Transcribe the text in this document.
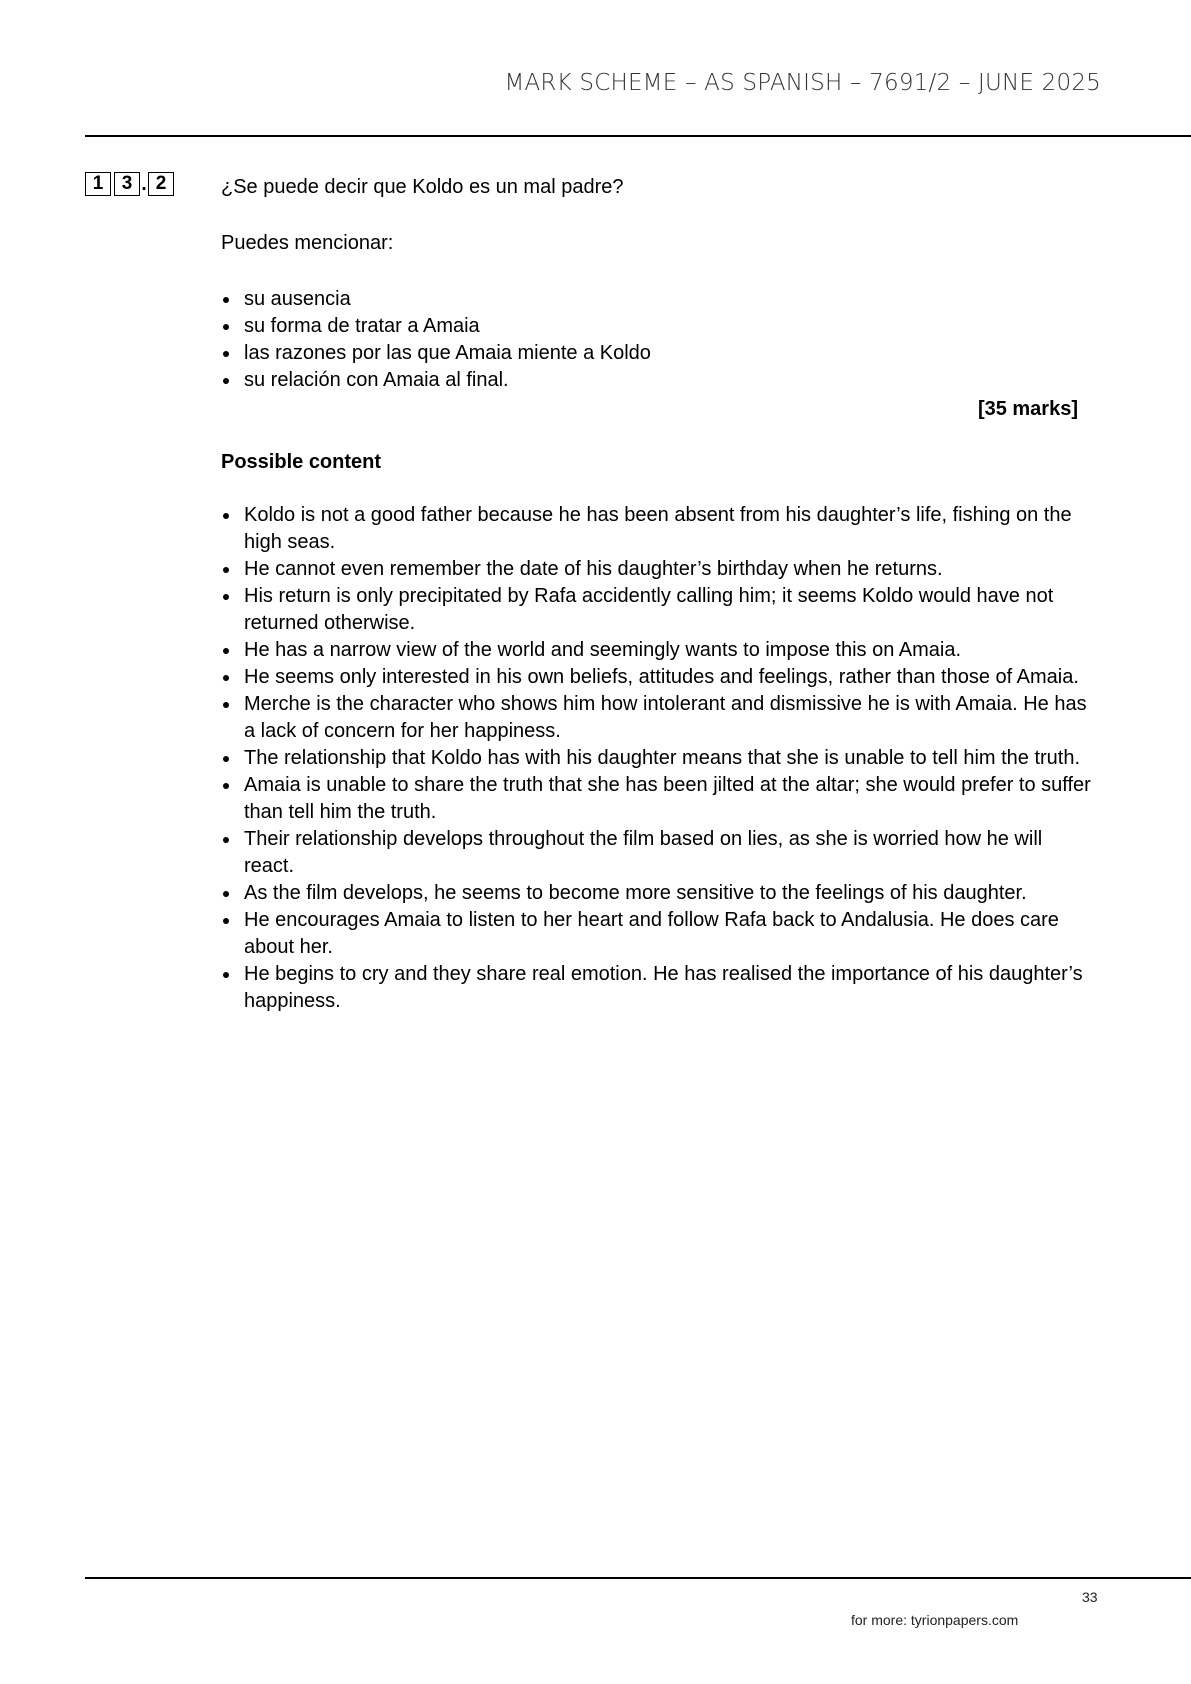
MARK SCHEME – AS SPANISH – 7691/2 – JUNE 2025
1 3 . 2	¿Se puede decir que Koldo es un mal padre?

Puedes mencionar:

su ausencia
su forma de tratar a Amaia
las razones por las que Amaia miente a Koldo
su relación con Amaia al final.

[35 marks]

Possible content

Koldo is not a good father because he has been absent from his daughter’s life, fishing on the high seas.
He cannot even remember the date of his daughter’s birthday when he returns.
His return is only precipitated by Rafa accidently calling him; it seems Koldo would have not returned otherwise.
He has a narrow view of the world and seemingly wants to impose this on Amaia.
He seems only interested in his own beliefs, attitudes and feelings, rather than those of Amaia.
Merche is the character who shows him how intolerant and dismissive he is with Amaia. He has a lack of concern for her happiness.
The relationship that Koldo has with his daughter means that she is unable to tell him the truth.
Amaia is unable to share the truth that she has been jilted at the altar; she would prefer to suffer than tell him the truth.
Their relationship develops throughout the film based on lies, as she is worried how he will react.
As the film develops, he seems to become more sensitive to the feelings of his daughter.
He encourages Amaia to listen to her heart and follow Rafa back to Andalusia. He does care about her.
He begins to cry and they share real emotion. He has realised the importance of his daughter’s happiness.
33
for more: tyrionpapers.com
